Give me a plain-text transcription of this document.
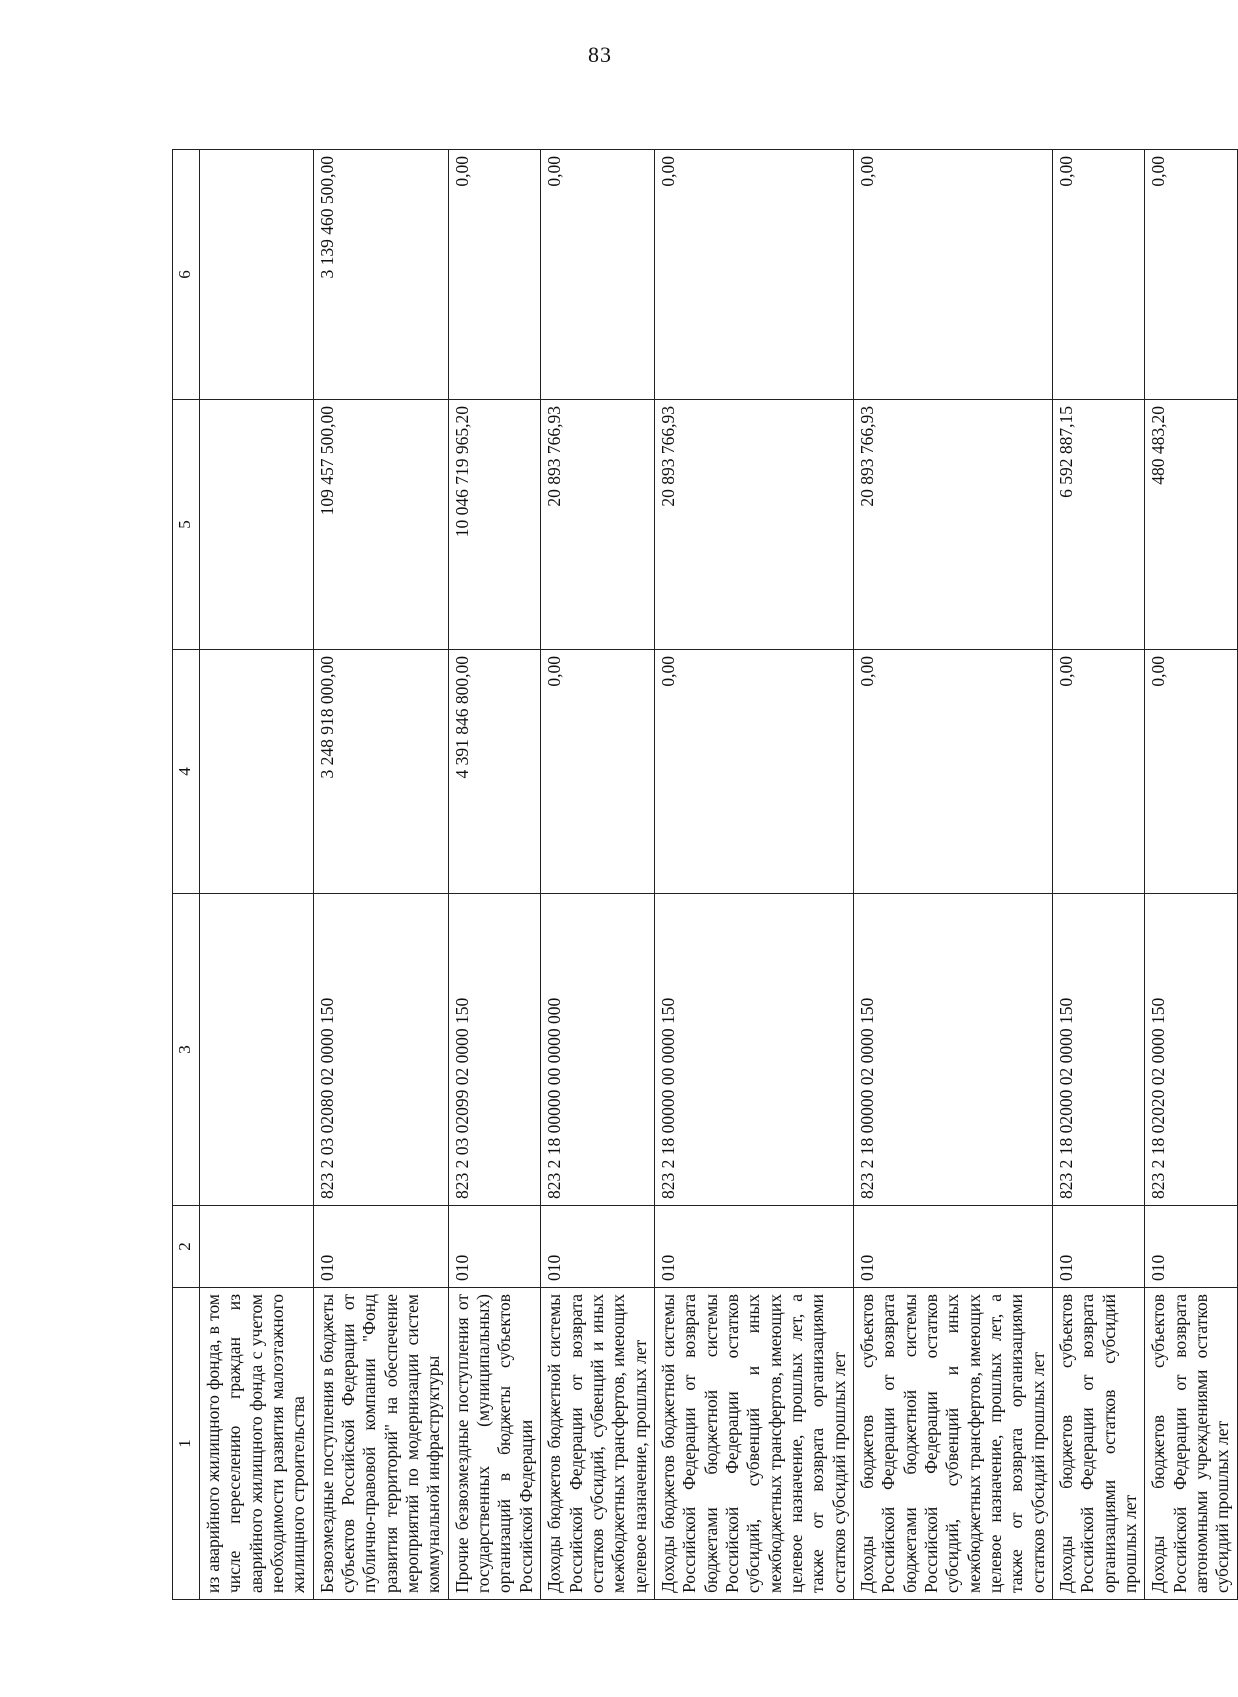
83
1	2	3	4	5	6
из аварийного жилищного фонда, в том числе переселению граждан из аварийного жилищного фонда с учетом необходимости развития малоэтажного жилищного строительства					
Безвозмездные поступления в бюджеты субъектов Российской Федерации от публично-правовой компании "Фонд развития территорий" на обеспечение мероприятий по модернизации систем коммунальной инфраструктуры	010	823 2 03 02080 02 0000 150	3 248 918 000,00	109 457 500,00	3 139 460 500,00
Прочие безвозмездные поступления от государственных (муниципальных) организаций в бюджеты субъектов Российской Федерации	010	823 2 03 02099 02 0000 150	4 391 846 800,00	10 046 719 965,20	0,00
Доходы бюджетов бюджетной системы Российской Федерации от возврата остатков субсидий, субвенций и иных межбюджетных трансфертов, имеющих целевое назначение, прошлых лет	010	823 2 18 00000 00 0000 000	0,00	20 893 766,93	0,00
Доходы бюджетов бюджетной системы Российской Федерации от возврата бюджетами бюджетной системы Российской Федерации остатков субсидий, субвенций и иных межбюджетных трансфертов, имеющих целевое назначение, прошлых лет, а также от возврата организациями остатков субсидий прошлых лет	010	823 2 18 00000 00 0000 150	0,00	20 893 766,93	0,00
Доходы бюджетов субъектов Российской Федерации от возврата бюджетами бюджетной системы Российской Федерации остатков субсидий, субвенций и иных межбюджетных трансфертов, имеющих целевое назначение, прошлых лет, а также от возврата организациями остатков субсидий прошлых лет	010	823 2 18 00000 02 0000 150	0,00	20 893 766,93	0,00
Доходы бюджетов субъектов Российской Федерации от возврата организациями остатков субсидий прошлых лет	010	823 2 18 02000 02 0000 150	0,00	6 592 887,15	0,00
Доходы бюджетов субъектов Российской Федерации от возврата автономными учреждениями остатков субсидий прошлых лет	010	823 2 18 02020 02 0000 150	0,00	480 483,20	0,00
